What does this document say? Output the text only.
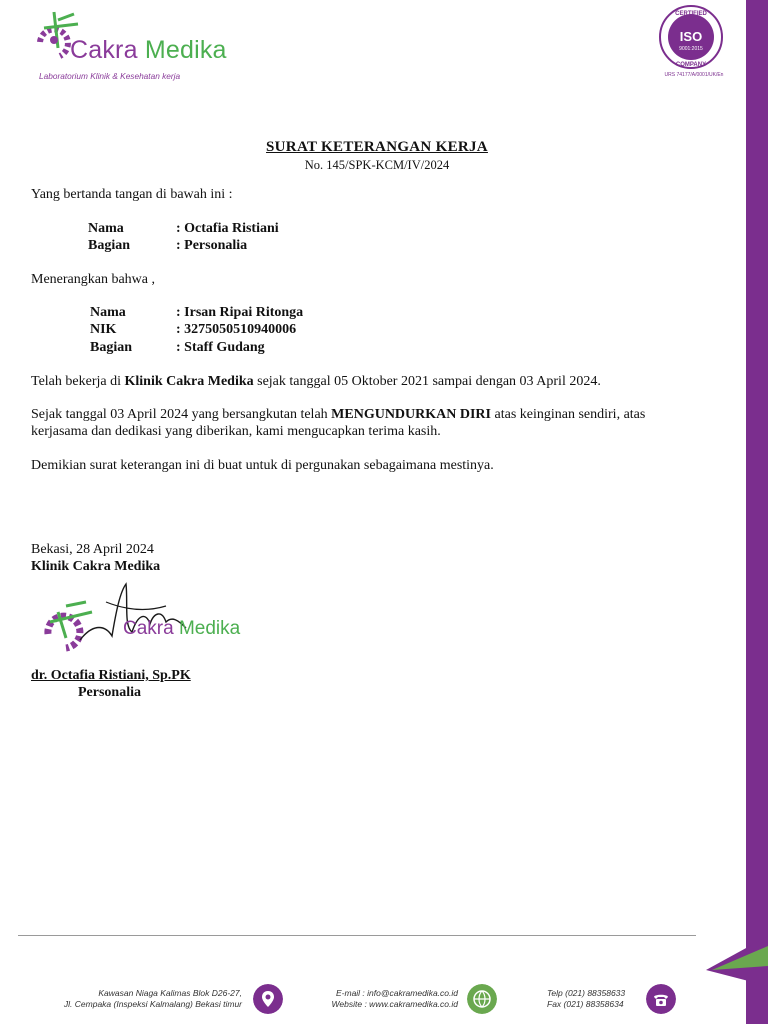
Cakra Medika
Laboratorium Klinik & Kesehatan kerja
CERTIFIED
ISO
9001:2015
COMPANY
URS 74177/A/0001/UK/En
SURAT KETERANGAN KERJA
No. 145/SPK-KCM/IV/2024
Yang bertanda tangan di bawah ini :
Nama	: Octafia Ristiani
Bagian	: Personalia
Menerangkan bahwa ,
Nama	: Irsan Ripai Ritonga
NIK	: 3275050510940006
Bagian	: Staff Gudang
Telah bekerja di Klinik Cakra Medika sejak tanggal 05 Oktober 2021 sampai dengan 03 April 2024.
Sejak tanggal 03 April 2024 yang bersangkutan telah MENGUNDURKAN DIRI atas keinginan sendiri, atas
kerjasama dan dedikasi yang diberikan, kami mengucapkan terima kasih.
Demikian surat keterangan ini di buat untuk di pergunakan sebagaimana mestinya.
Bekasi, 28 April 2024
Klinik Cakra Medika
Cakra Medika
dr. Octafia Ristiani, Sp.PK
Personalia
Kawasan Niaga Kalimas Blok D26-27,
Jl. Cempaka (Inspeksi Kalmalang) Bekasi timur
E-mail : info@cakramedika.co.id
Website : www.cakramedika.co.id
Telp (021) 88358633
Fax (021) 88358634
